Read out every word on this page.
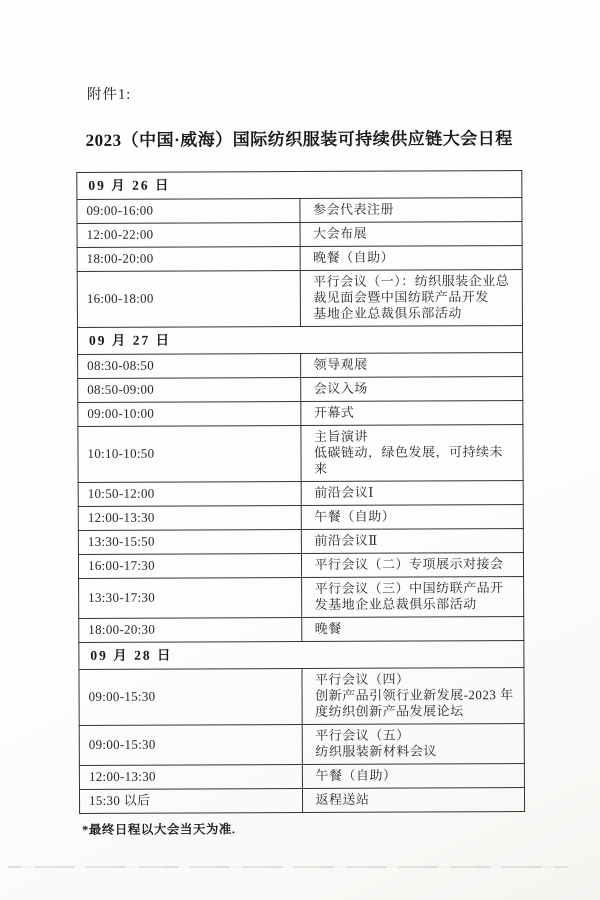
附件1:
2023（中国·威海）国际纺织服装可持续供应链大会日程
09 月 26 日	
09:00-16:00	参会代表注册

12:00-22:00	大会布展

18:00-20:00	晚餐（自助）

16:00-18:00	平行会议（一）：纺织服装企业总裁见面会暨中国纺联产品开发
基地企业总裁俱乐部活动

09 月 27 日	
08:30-08:50	领导观展

08:50-09:00	会议入场

09:00-10:00	开幕式

10:10-10:50	主旨演讲
低碳链动，绿色发展，可持续未来

10:50-12:00	前沿会议Ⅰ

12:00-13:30	午餐（自助）

13:30-15:50	前沿会议Ⅱ

16:00-17:30	平行会议（二）专项展示对接会

13:30-17:30	平行会议（三）中国纺联产品开发基地企业总裁俱乐部活动

18:00-20:30	晚餐

09 月 28 日	
09:00-15:30	平行会议（四）
创新产品引领行业新发展-2023 年度纺织创新产品发展论坛

09:00-15:30	平行会议（五）
纺织服装新材料会议

12:00-13:30	午餐（自助）

15:30 以后	返程送站
*最终日程以大会当天为准.
